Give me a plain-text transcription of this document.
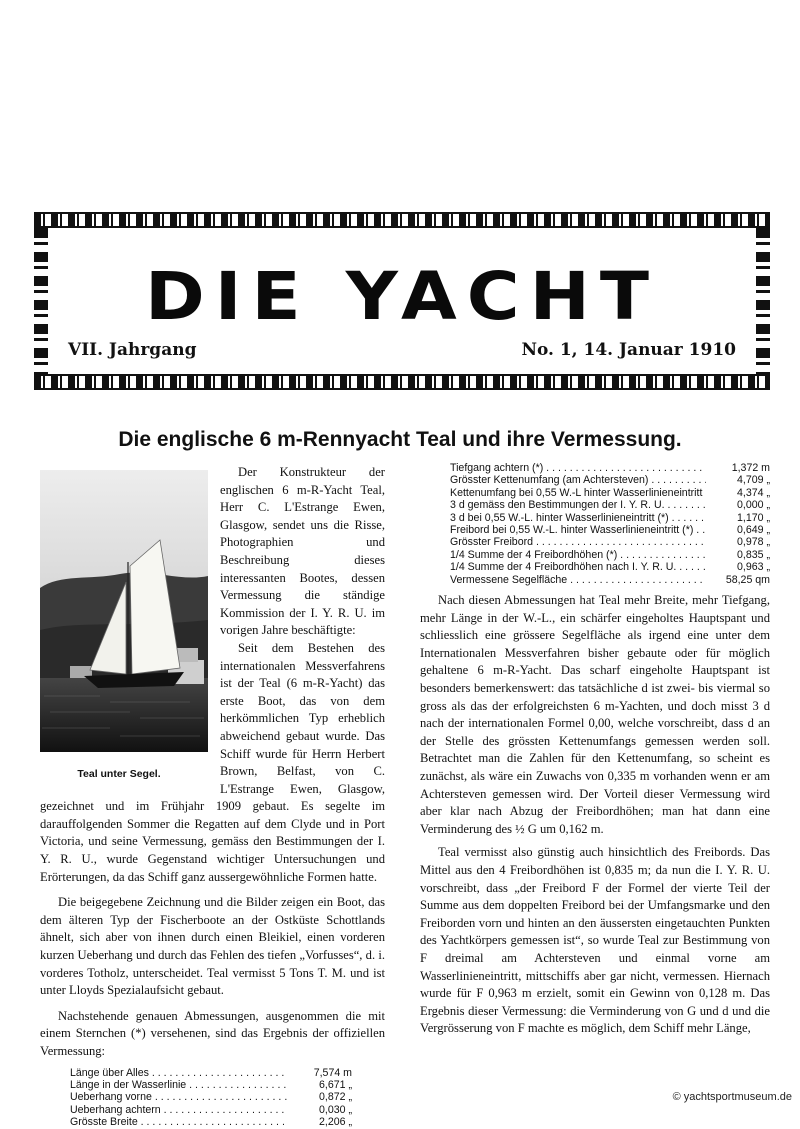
DIE YACHT
VII. Jahrgang	No. 1, 14. Januar 1910
Die englische 6 m-Rennyacht Teal und ihre Vermessung.
Teal unter Segel.

Der Konstrukteur der englischen 6 m-R-Yacht Teal, Herr C. L'Estrange Ewen, Glasgow, sendet uns die Risse, Photographien und Beschreibung dieses interessanten Bootes, dessen Vermessung die ständige Kommission der I. Y. R. U. im vorigen Jahre beschäftigte:

Seit dem Bestehen des internationalen Messverfahrens ist der Teal (6 m-R-Yacht) das erste Boot, das von dem herkömmlichen Typ erheblich abweichend gebaut wurde. Das Schiff wurde für Herrn Herbert Brown, Belfast, von C. L'Estrange Ewen, Glasgow, gezeichnet und im Frühjahr 1909 gebaut. Es segelte im darauffolgenden Sommer die Regatten auf dem Clyde und in Port Victoria, und seine Vermessung, gemäss den Bestimmungen der I. Y. R. U., wurde Gegenstand wichtiger Untersuchungen und Erörterungen, da das Schiff ganz aussergewöhnliche Formen hatte.

Die beigegebene Zeichnung und die Bilder zeigen ein Boot, das dem älteren Typ der Fischerboote an der Ostküste Schottlands ähnelt, sich aber von ihnen durch einen Bleikiel, einen vorderen kurzen Ueberhang und durch das Fehlen des tiefen „Vorfusses“, d. i. vorderes Totholz, unterscheidet. Teal vermisst 5 Tons T. M. und ist unter Lloyds Spezialaufsicht gebaut.

Nachstehende genauen Abmessungen, ausgenommen die mit einem Sternchen (*) versehenen, sind das Ergebnis der offiziellen Vermessung:

Länge über Alles . . .	7,574 m
Länge in der Wasserlinie . . .	6,671 „
Ueberhang vorne . . .	0,872 „
Ueberhang achtern . . .	0,030 „
Grösste Breite . . .	2,206 „
Tiefgang achtern (*) . . .	1,372 m
Grösster Kettenumfang (am Achtersteven) . . .	4,709 „
Kettenumfang bei 0,55 W.-L hinter Wasserlinieneintritt . . .	4,374 „
3 d gemäss den Bestimmungen der I. Y. R. U. . . .	0,000 „
3 d bei 0,55 W.-L. hinter Wasserlinieneintritt (*) . . .	1,170 „
Freibord bei 0,55 W.-L. hinter Wasserlinieneintritt (*) . . .	0,649 „
Grösster Freibord . . .	0,978 „
1/4 Summe der 4 Freibordhöhen (*) . . .	0,835 „
1/4 Summe der 4 Freibordhöhen nach I. Y. R. U. . . .	0,963 „
Vermessene Segelfläche . . .	58,25 qm

Nach diesen Abmessungen hat Teal mehr Breite, mehr Tiefgang, mehr Länge in der W.-L., ein schärfer eingeholtes Hauptspant und schliesslich eine grössere Segelfläche als irgend eine unter dem Internationalen Messverfahren bisher gebaute oder für möglich gehaltene 6 m-R-Yacht. Das scharf eingeholte Hauptspant ist besonders bemerkenswert: das tatsächliche d ist zwei- bis viermal so gross als das der erfolgreichsten 6 m-Yachten, und doch misst 3 d nach der internationalen Formel 0,00, welche vorschreibt, dass d an der Stelle des grössten Kettenumfangs gemessen werden soll. Betrachtet man die Zahlen für den Kettenumfang, so scheint es zunächst, als wäre ein Zuwachs von 0,335 m vorhanden wenn er am Achtersteven gemessen wird. Der Vorteil dieser Vermessung wird aber klar nach Abzug der Freibordhöhen; man hat dann eine Verminderung des ½ G um 0,162 m.

Teal vermisst also günstig auch hinsichtlich des Freibords. Das Mittel aus den 4 Freibordhöhen ist 0,835 m; da nun die I. Y. R. U. vorschreibt, dass „der Freibord F der Formel der vierte Teil der Summe aus dem doppelten Freibord bei der Umfangsmarke und den Freiborden vorn und hinten an den äussersten eingetauchten Punkten des Yachtkörpers gemessen ist“, so wurde Teal zur Bestimmung von F dreimal am Achtersteven und einmal vorne am Wasserlinieneintritt, mittschiffs aber gar nicht, vermessen. Hiernach wurde für F 0,963 m erzielt, somit ein Gewinn von 0,128 m. Das Ergebnis dieser Vermessung: die Verminderung von G und d und die Vergrösserung von F machte es möglich, dem Schiff mehr Länge,

© yachtsportmuseum.de
